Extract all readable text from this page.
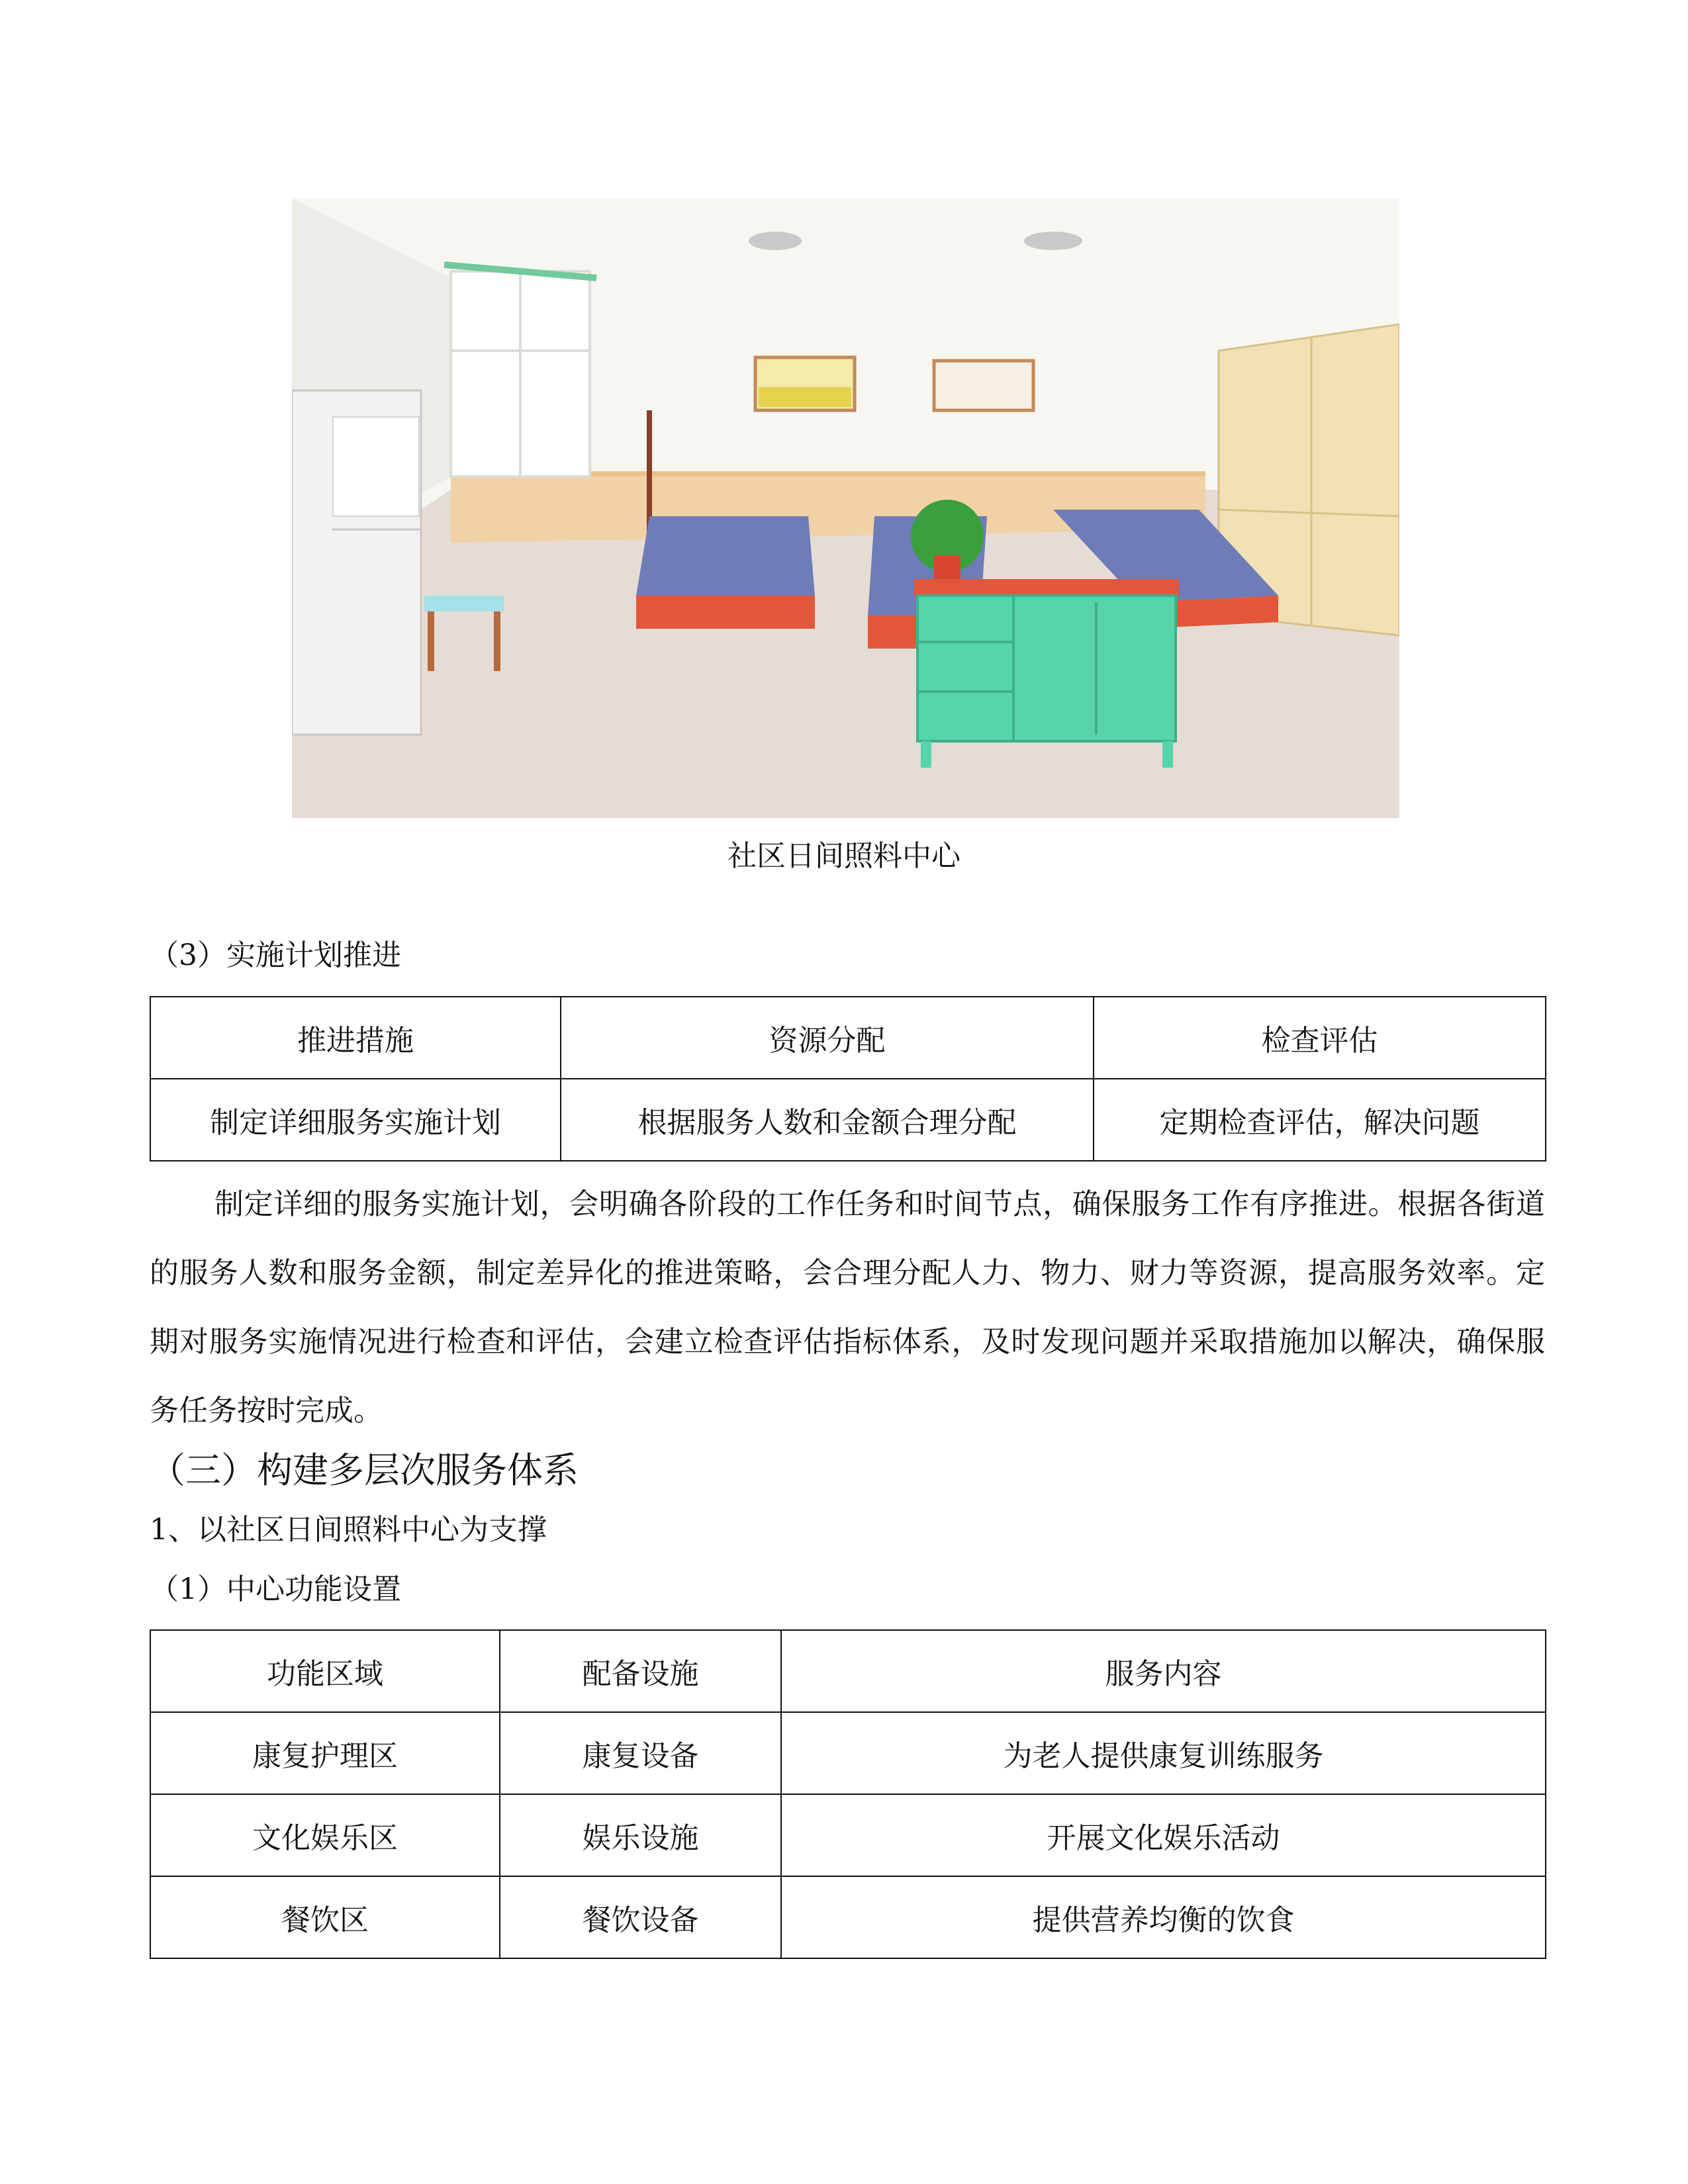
社区日间照料中心
（3）实施计划推进
推进措施	资源分配	检查评估
制定详细服务实施计划	根据服务人数和金额合理分配	定期检查评估，解决问题

制定详细的服务实施计划，会明确各阶段的工作任务和时间节点，确保服务工作有序推进。根据各街道的服务人数和服务金额，制定差异化的推进策略，会合理分配人力、物力、财力等资源，提高服务效率。定期对服务实施情况进行检查和评估，会建立检查评估指标体系，及时发现问题并采取措施加以解决，确保服务任务按时完成。

（三）构建多层次服务体系
1、以社区日间照料中心为支撑
（1）中心功能设置
功能区域	配备设施	服务内容
康复护理区	康复设备	为老人提供康复训练服务
文化娱乐区	娱乐设施	开展文化娱乐活动
餐饮区	餐饮设备	提供营养均衡的饮食
